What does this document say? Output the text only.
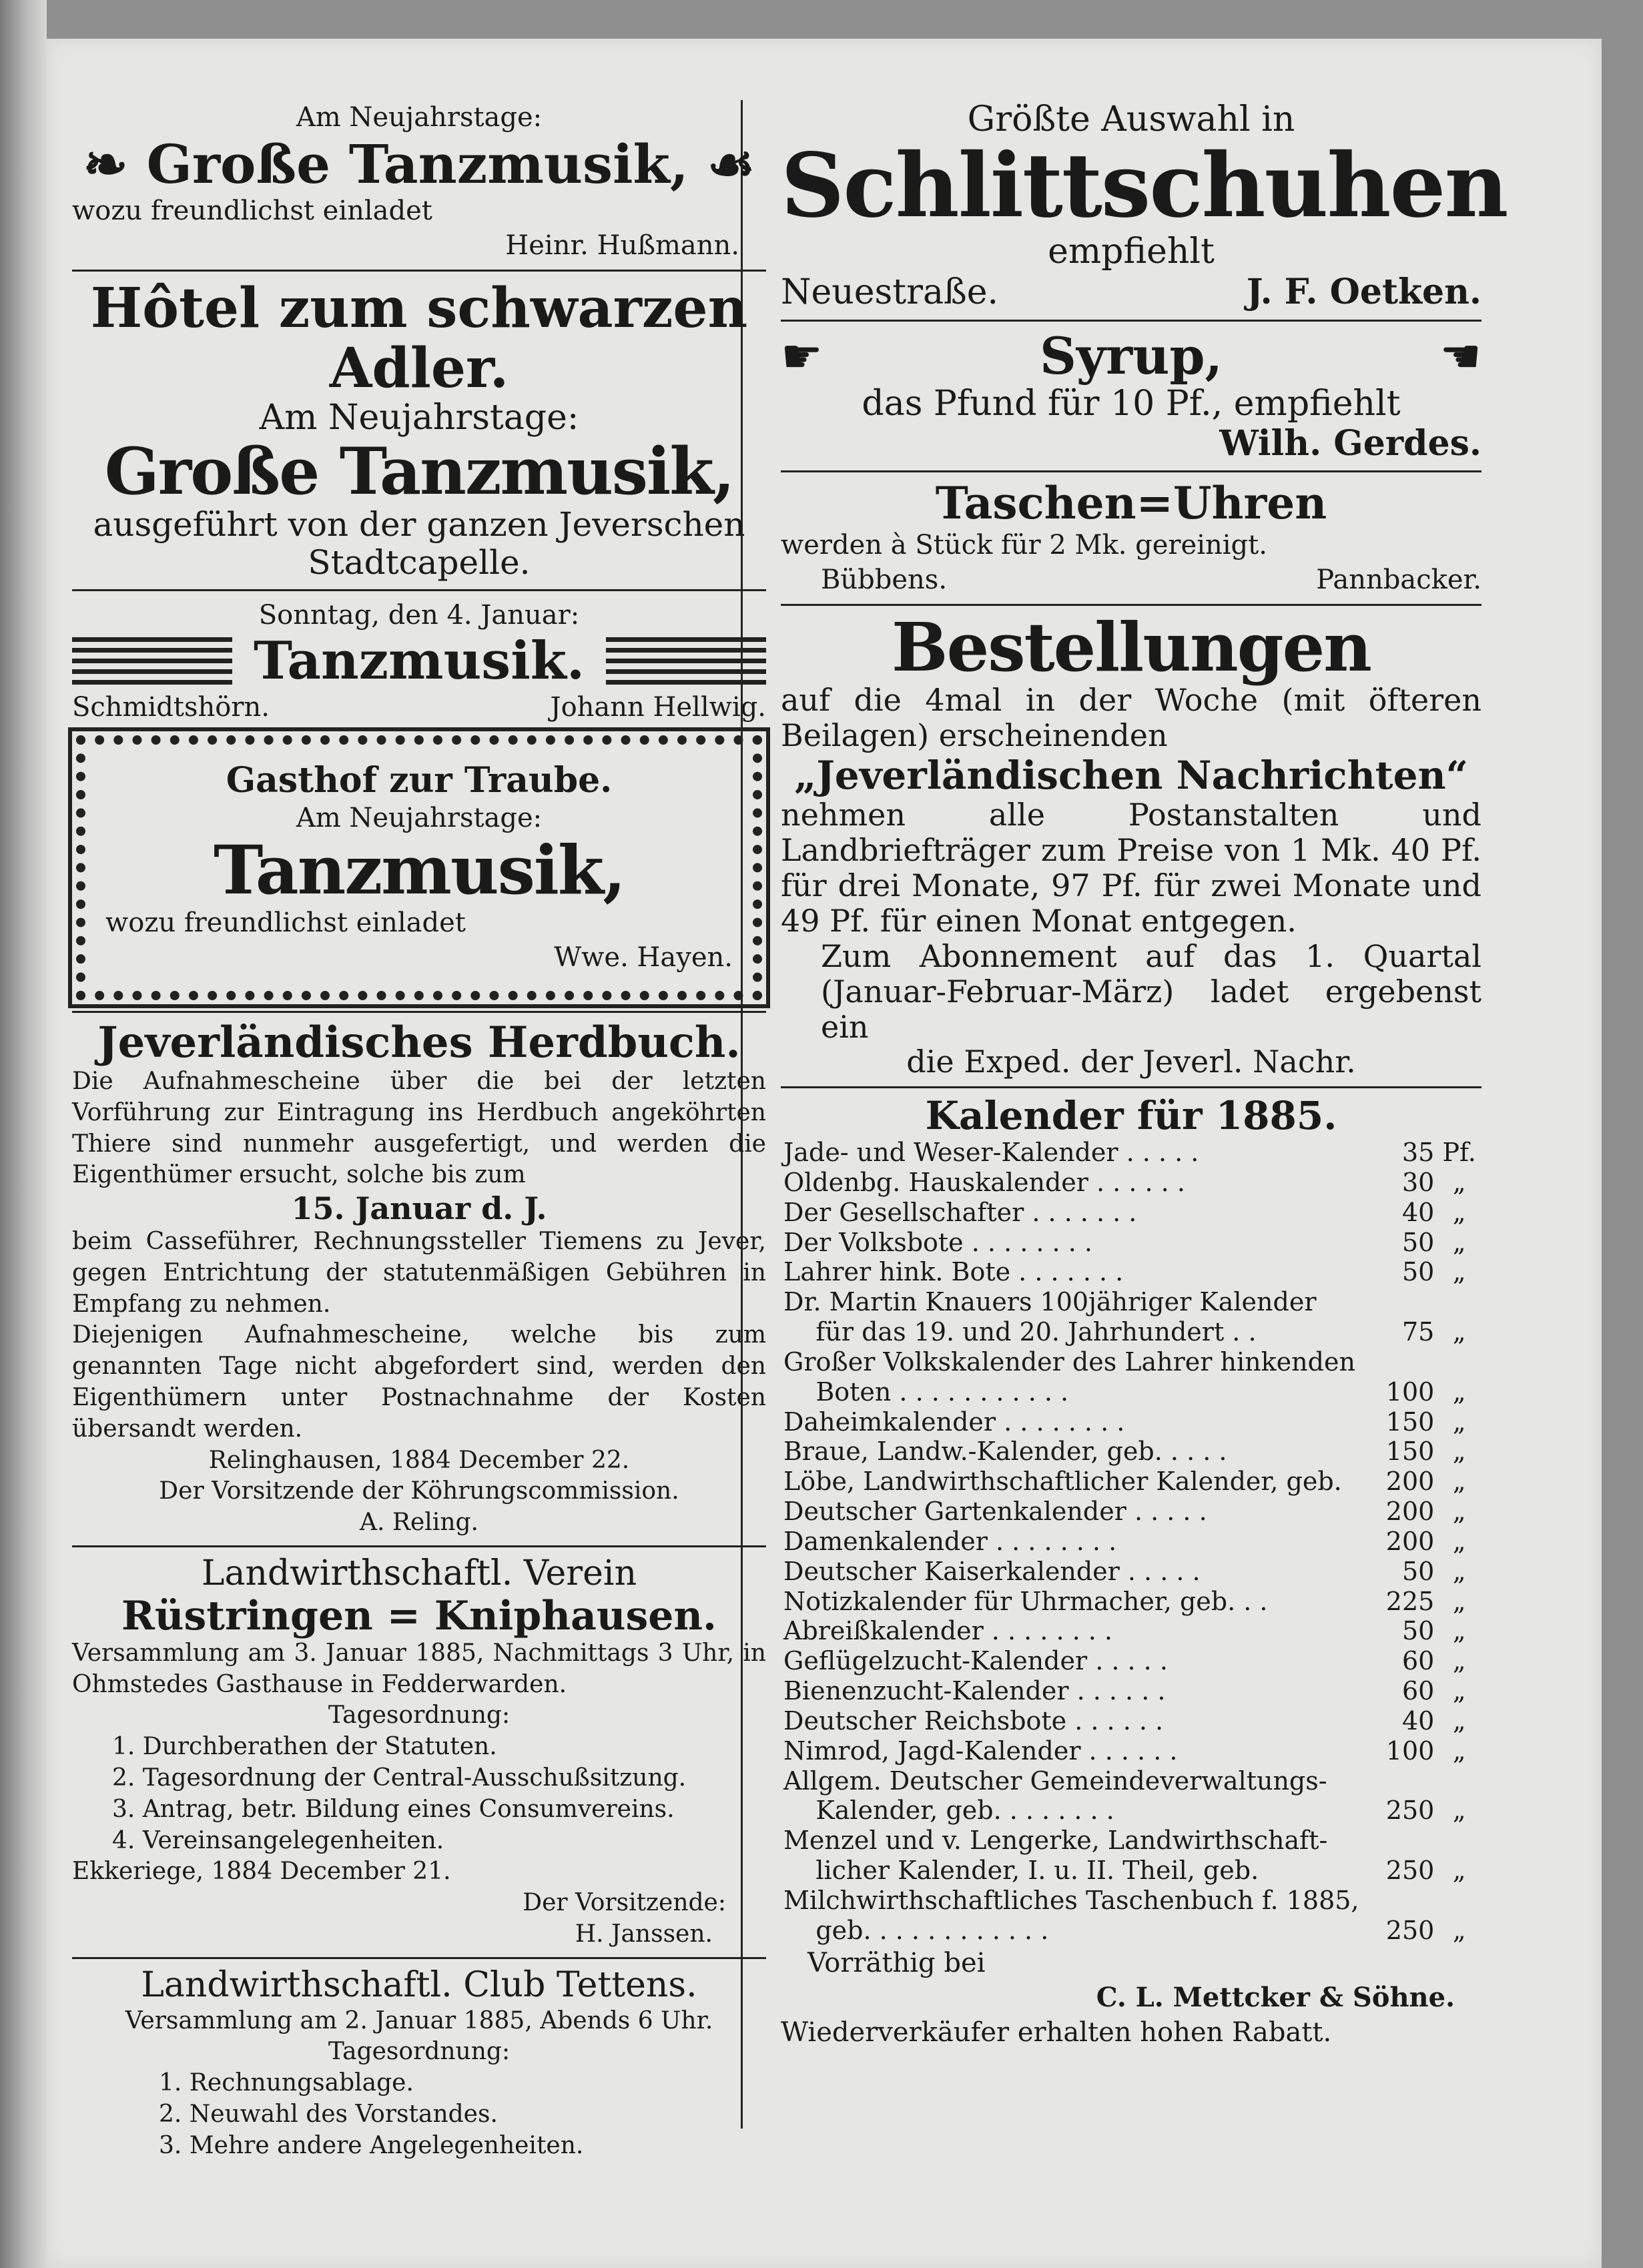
Am Neujahrstage:
❧ Große Tanzmusik, ☙
wozu freundlichst einladet
Heinr. Hußmann.
Hôtel zum schwarzen Adler.
Am Neujahrstage:
Große Tanzmusik,
ausgeführt von der ganzen Jeverschen Stadtcapelle.
Sonntag, den 4. Januar:
Tanzmusik.
Schmidtshörn.	Johann Hellwig.
Gasthof zur Traube.
Am Neujahrstage:
Tanzmusik,
wozu freundlichst einladet
Wwe. Hayen.
Jeverländisches Herdbuch.
Die Aufnahmescheine über die bei der letzten Vorführung zur Eintragung ins Herdbuch angeköhrten Thiere sind nunmehr ausgefertigt, und werden die Eigenthümer ersucht, solche bis zum
15. Januar d. J.
beim Casseführer, Rechnungssteller Tiemens zu Jever, gegen Entrichtung der statutenmäßigen Gebühren in Empfang zu nehmen.
Diejenigen Aufnahmescheine, welche bis zum genannten Tage nicht abgefordert sind, werden den Eigenthümern unter Postnachnahme der Kosten übersandt werden.
Relinghausen, 1884 December 22.
Der Vorsitzende der Köhrungscommission.
A. Reling.
Landwirthschaftl. Verein
Rüstringen = Kniphausen.
Versammlung am 3. Januar 1885, Nachmittags 3 Uhr, in Ohmstedes Gasthause in Fedderwarden.
Tagesordnung:
1. Durchberathen der Statuten.
2. Tagesordnung der Central-Ausschußsitzung.
3. Antrag, betr. Bildung eines Consumvereins.
4. Vereinsangelegenheiten.
Ekkeriege, 1884 December 21.
Der Vorsitzende:
H. Janssen.
Landwirthschaftl. Club Tettens.
Versammlung am 2. Januar 1885, Abends 6 Uhr.
Tagesordnung:
1. Rechnungsablage.
2. Neuwahl des Vorstandes.
3. Mehre andere Angelegenheiten.
Größte Auswahl in
Schlittschuhen
empfiehlt
Neuestraße.	J. F. Oetken.
☛	Syrup,	☚
das Pfund für 10 Pf., empfiehlt
Wilh. Gerdes.
Taschen=Uhren
werden à Stück für 2 Mk. gereinigt.
Bübbens.	Pannbacker.
Bestellungen
auf die 4mal in der Woche (mit öfteren Beilagen) erscheinenden
„Jeverländischen Nachrichten“
nehmen alle Postanstalten und Landbriefträger zum Preise von 1 Mk. 40 Pf. für drei Monate, 97 Pf. für zwei Monate und 49 Pf. für einen Monat entgegen.
Zum Abonnement auf das 1. Quartal (Januar-Februar-März) ladet ergebenst ein
die Exped. der Jeverl. Nachr.
Kalender für 1885.
Jade- und Weser-Kalender . . . . .	35	Pf.
Oldenbg. Hauskalender . . . . . .	30	„
Der Gesellschafter . . . . . . .	40	„
Der Volksbote . . . . . . . .	50	„
Lahrer hink. Bote . . . . . . .	50	„
Dr. Martin Knauers 100jähriger Kalender		
für das 19. und 20. Jahrhundert . .	75	„
Großer Volkskalender des Lahrer hinkenden		
Boten . . . . . . . . . . .	100	„
Daheimkalender . . . . . . . .	150	„
Braue, Landw.-Kalender, geb. . . . .	150	„
Löbe, Landwirthschaftlicher Kalender, geb.	200	„
Deutscher Gartenkalender . . . . .	200	„
Damenkalender . . . . . . . .	200	„
Deutscher Kaiserkalender . . . . .	50	„
Notizkalender für Uhrmacher, geb. . .	225	„
Abreißkalender . . . . . . . .	50	„
Geflügelzucht-Kalender . . . . .	60	„
Bienenzucht-Kalender . . . . . .	60	„
Deutscher Reichsbote . . . . . .	40	„
Nimrod, Jagd-Kalender . . . . . .	100	„
Allgem. Deutscher Gemeindeverwaltungs-		
Kalender, geb. . . . . . . .	250	„
Menzel und v. Lengerke, Landwirthschaft-		
licher Kalender, I. u. II. Theil, geb.	250	„
Milchwirthschaftliches Taschenbuch f. 1885,		
geb. . . . . . . . . . . .	250	„
Vorräthig bei
C. L. Mettcker & Söhne.
Wiederverkäufer erhalten hohen Rabatt.
